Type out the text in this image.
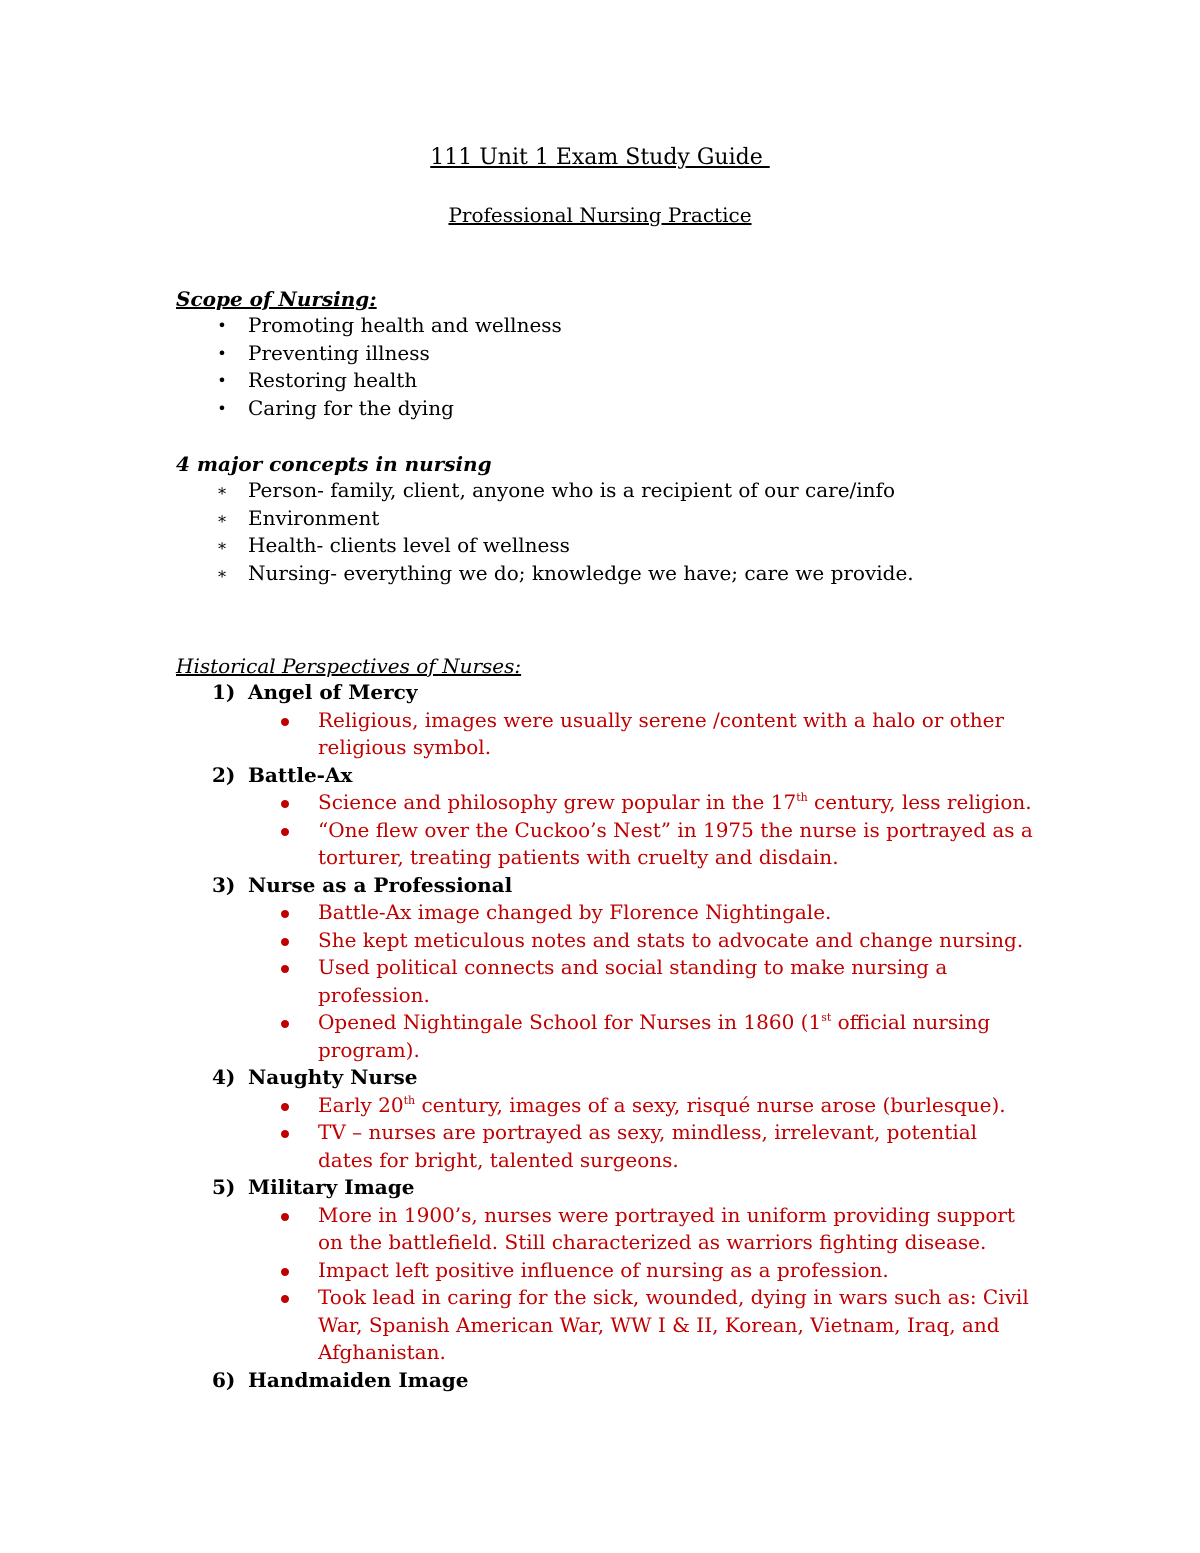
111 Unit 1 Exam Study Guide
Professional Nursing Practice
Scope of Nursing:
• Promoting health and wellness
• Preventing illness
• Restoring health
• Caring for the dying
4 major concepts in nursing
∗ Person- family, client, anyone who is a recipient of our care/info
∗ Environment
∗ Health- clients level of wellness
∗ Nursing- everything we do; knowledge we have; care we provide.
Historical Perspectives of Nurses:
1) Angel of Mercy
Religious, images were usually serene /content with a halo or other religious symbol.
2) Battle-Ax
Science and philosophy grew popular in the 17th century, less religion.
“One flew over the Cuckoo’s Nest” in 1975 the nurse is portrayed as a torturer, treating patients with cruelty and disdain.
3) Nurse as a Professional
Battle-Ax image changed by Florence Nightingale.
She kept meticulous notes and stats to advocate and change nursing.
Used political connects and social standing to make nursing a profession.
Opened Nightingale School for Nurses in 1860 (1st official nursing program).
4) Naughty Nurse
Early 20th century, images of a sexy, risqué nurse arose (burlesque).
TV – nurses are portrayed as sexy, mindless, irrelevant, potential dates for bright, talented surgeons.
5) Military Image
More in 1900’s, nurses were portrayed in uniform providing support on the battlefield. Still characterized as warriors fighting disease.
Impact left positive influence of nursing as a profession.
Took lead in caring for the sick, wounded, dying in wars such as: Civil War, Spanish American War, WW I & II, Korean, Vietnam, Iraq, and Afghanistan.
6) Handmaiden Image
